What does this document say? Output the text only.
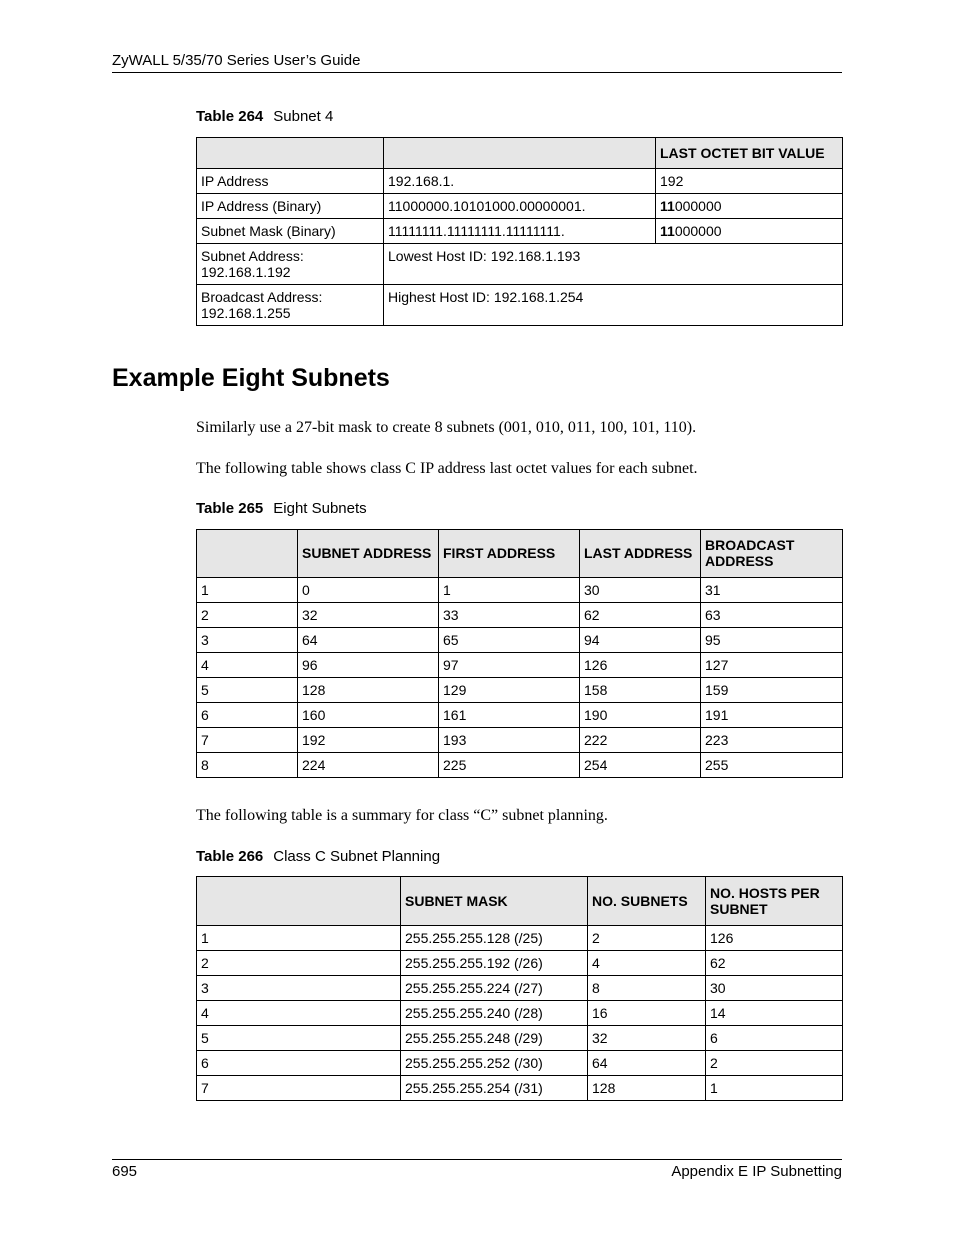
ZyWALL 5/35/70 Series User’s Guide
Table 264 Subnet 4
		LAST OCTET BIT VALUE
IP Address	192.168.1.	192
IP Address (Binary)	11000000.10101000.00000001.	11000000
Subnet Mask (Binary)	11111111.11111111.11111111.	11000000

Subnet Address:
192.168.1.192	Lowest Host ID: 192.168.1.193	

Broadcast Address:
192.168.1.255	Highest Host ID: 192.168.1.254	
Example Eight Subnets
Similarly use a 27-bit mask to create 8 subnets (001, 010, 011, 100, 101, 110).
The following table shows class C IP address last octet values for each subnet.
Table 265 Eight Subnets
	SUBNET ADDRESS	FIRST ADDRESS	LAST ADDRESS	BROADCAST ADDRESS
1	0	1	30	31
2	32	33	62	63
3	64	65	94	95
4	96	97	126	127
5	128	129	158	159
6	160	161	190	191
7	192	193	222	223
8	224	225	254	255
The following table is a summary for class “C” subnet planning.
Table 266 Class C Subnet Planning
	SUBNET MASK	NO. SUBNETS	NO. HOSTS PER SUBNET
1	255.255.255.128 (/25)	2	126
2	255.255.255.192 (/26)	4	62
3	255.255.255.224 (/27)	8	30
4	255.255.255.240 (/28)	16	14
5	255.255.255.248 (/29)	32	6
6	255.255.255.252 (/30)	64	2
7	255.255.255.254 (/31)	128	1
695	Appendix E IP Subnetting
